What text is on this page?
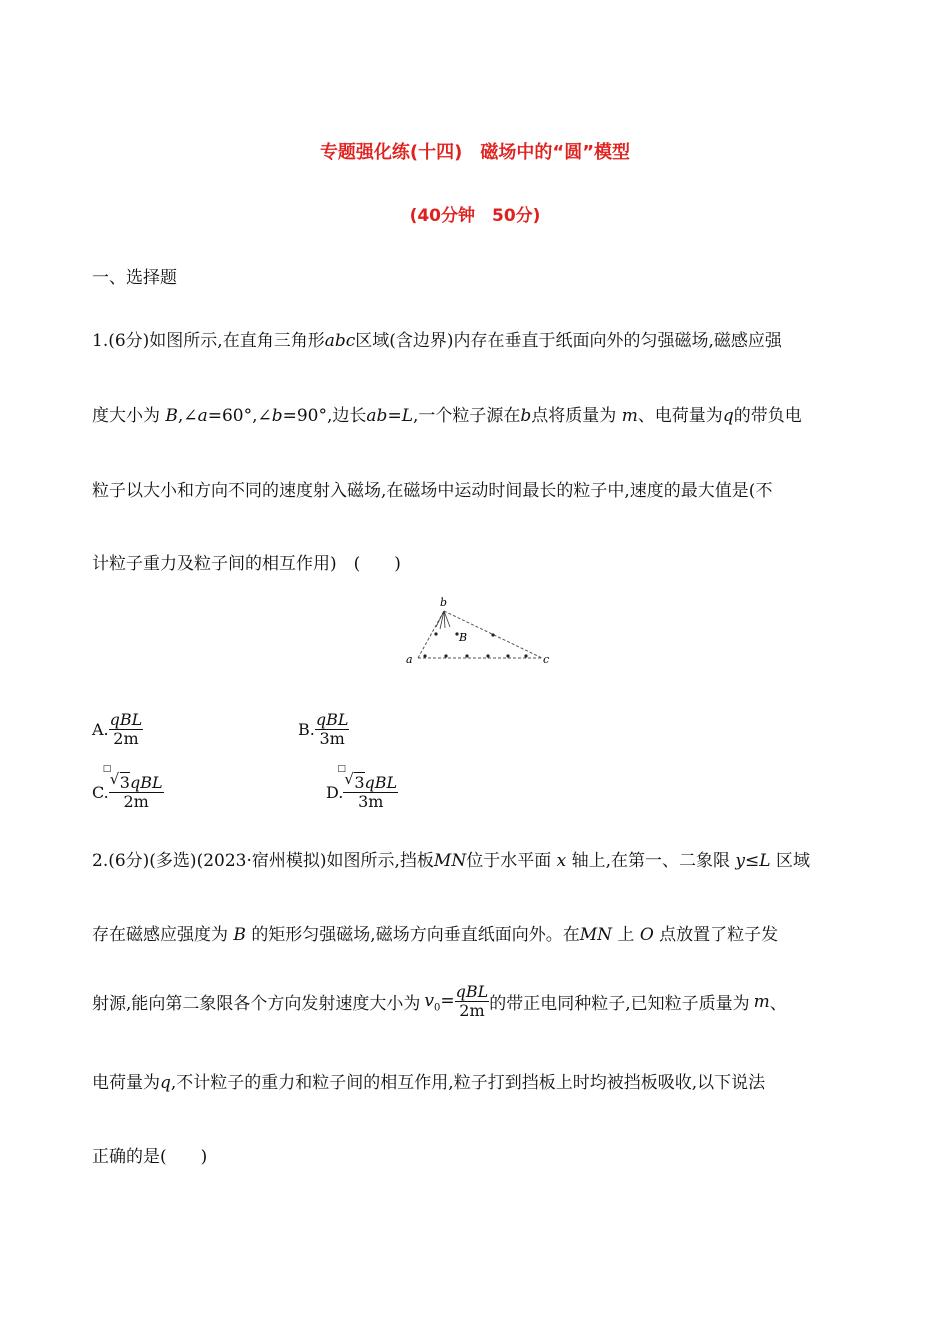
专题强化练(十四)　磁场中的“圆”模型
(40分钟　50分)
一、选择题
1.(6分)如图所示,在直角三角形abc区域(含边界)内存在垂直于纸面向外的匀强磁场,磁感应强
度大小为 B,∠a=60°,∠b=90°,边长ab=L,一个粒子源在b点将质量为 m、电荷量为q的带负电
粒子以大小和方向不同的速度射入磁场,在磁场中运动时间最长的粒子中,速度的最大值是(不
计粒子重力及粒子间的相互作用)　(　　)
b
a	c
B
A. $\frac{\text{qBL}}{2m}$	B. $\frac{\text{qBL}}{3m}$
C. □
√ 3qBL
2m	D. □
√ 3qBL
3m
2.(6分)(多选)(2023·宿州模拟)如图所示,挡板MN位于水平面 x 轴上,在第一、二象限 y≤L 区域
存在磁感应强度为 B 的矩形匀强磁场,磁场方向垂直纸面向外。在MN 上 O 点放置了粒子发
射源,能向第二象限各个方向发射速度大小为 $v_0= \frac{\text{qBL}}{2m}$ 的带正电同种粒子,已知粒子质量为 m 、
电荷量为q,不计粒子的重力和粒子间的相互作用,粒子打到挡板上时均被挡板吸收,以下说法
正确的是(　　)
